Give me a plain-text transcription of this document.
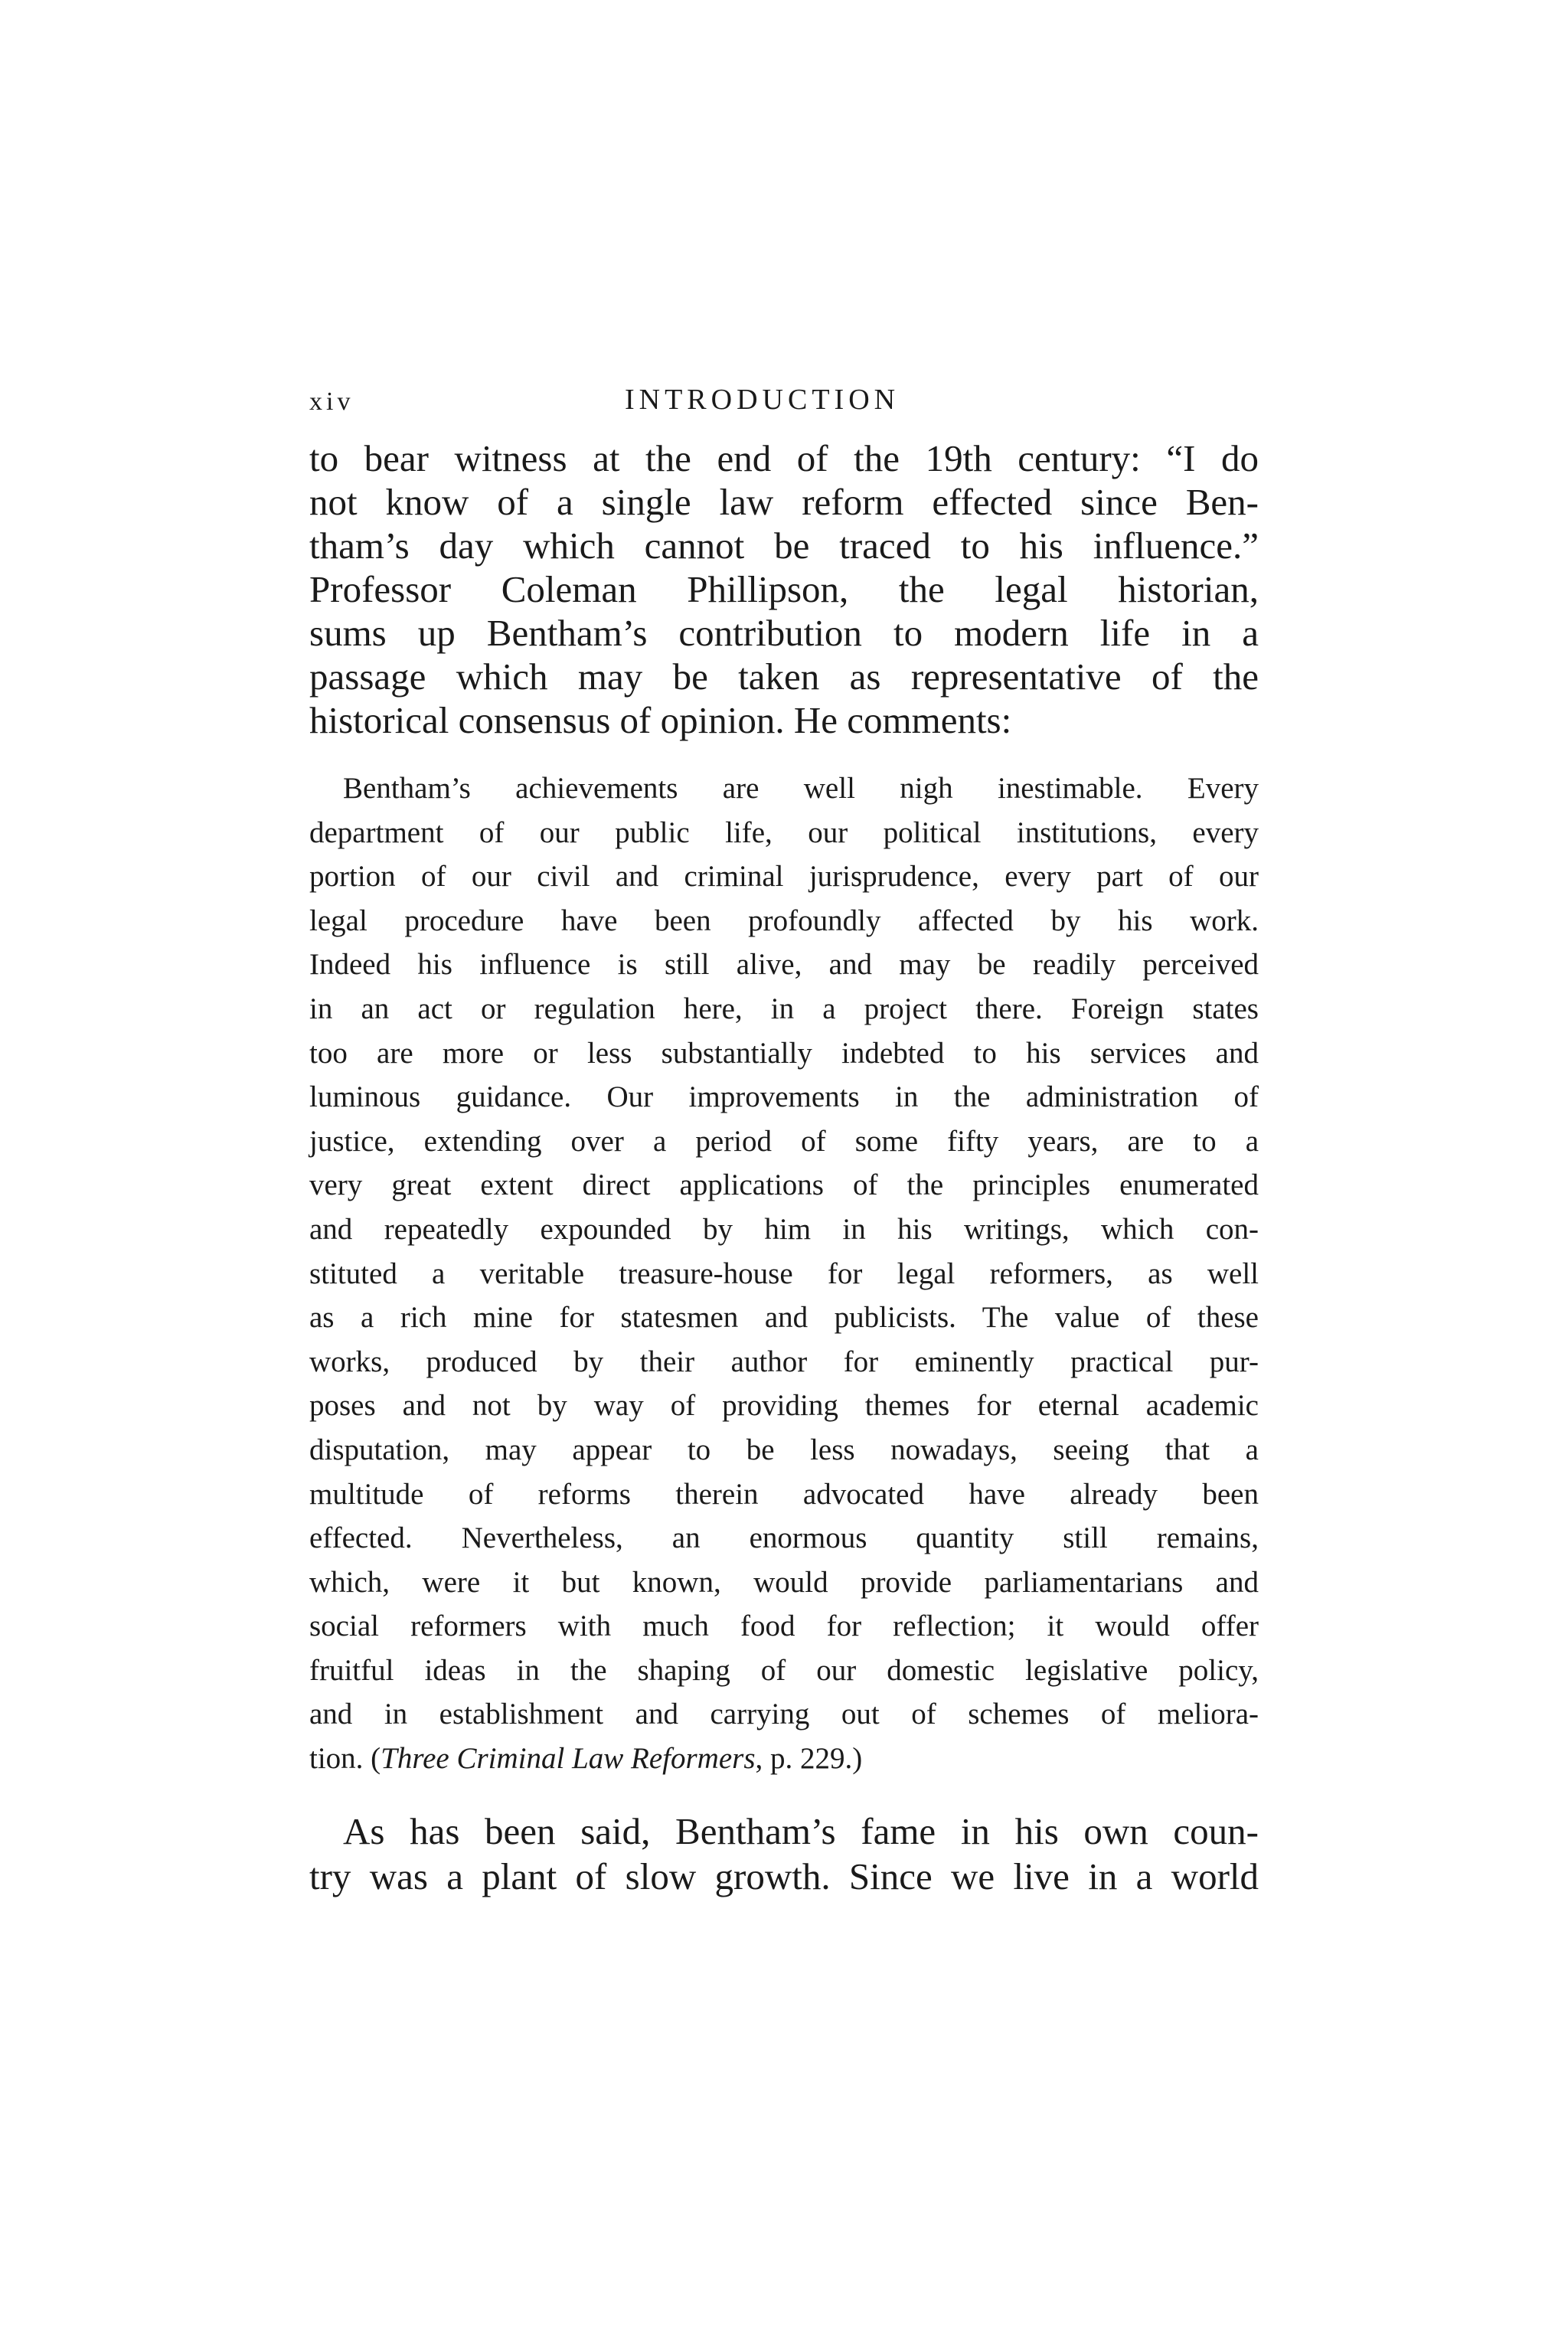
xiv	INTRODUCTION
to bear witness at the end of the 19th century: “I do
not know of a single law reform effected since Ben-
tham’s day which cannot be traced to his influence.”
Professor Coleman Phillipson, the legal historian,
sums up Bentham’s contribution to modern life in a
passage which may be taken as representative of the
historical consensus of opinion. He comments:
Bentham’s achievements are well nigh inestimable. Every
department of our public life, our political institutions, every
portion of our civil and criminal jurisprudence, every part of our
legal procedure have been profoundly affected by his work.
Indeed his influence is still alive, and may be readily perceived
in an act or regulation here, in a project there. Foreign states
too are more or less substantially indebted to his services and
luminous guidance. Our improvements in the administration of
justice, extending over a period of some fifty years, are to a
very great extent direct applications of the principles enumerated
and repeatedly expounded by him in his writings, which con-
stituted a veritable treasure-house for legal reformers, as well
as a rich mine for statesmen and publicists. The value of these
works, produced by their author for eminently practical pur-
poses and not by way of providing themes for eternal academic
disputation, may appear to be less nowadays, seeing that a
multitude of reforms therein advocated have already been
effected. Nevertheless, an enormous quantity still remains,
which, were it but known, would provide parliamentarians and
social reformers with much food for reflection; it would offer
fruitful ideas in the shaping of our domestic legislative policy,
and in establishment and carrying out of schemes of meliora-
tion. (Three Criminal Law Reformers, p. 229.)
As has been said, Bentham’s fame in his own coun-
try was a plant of slow growth. Since we live in a world
